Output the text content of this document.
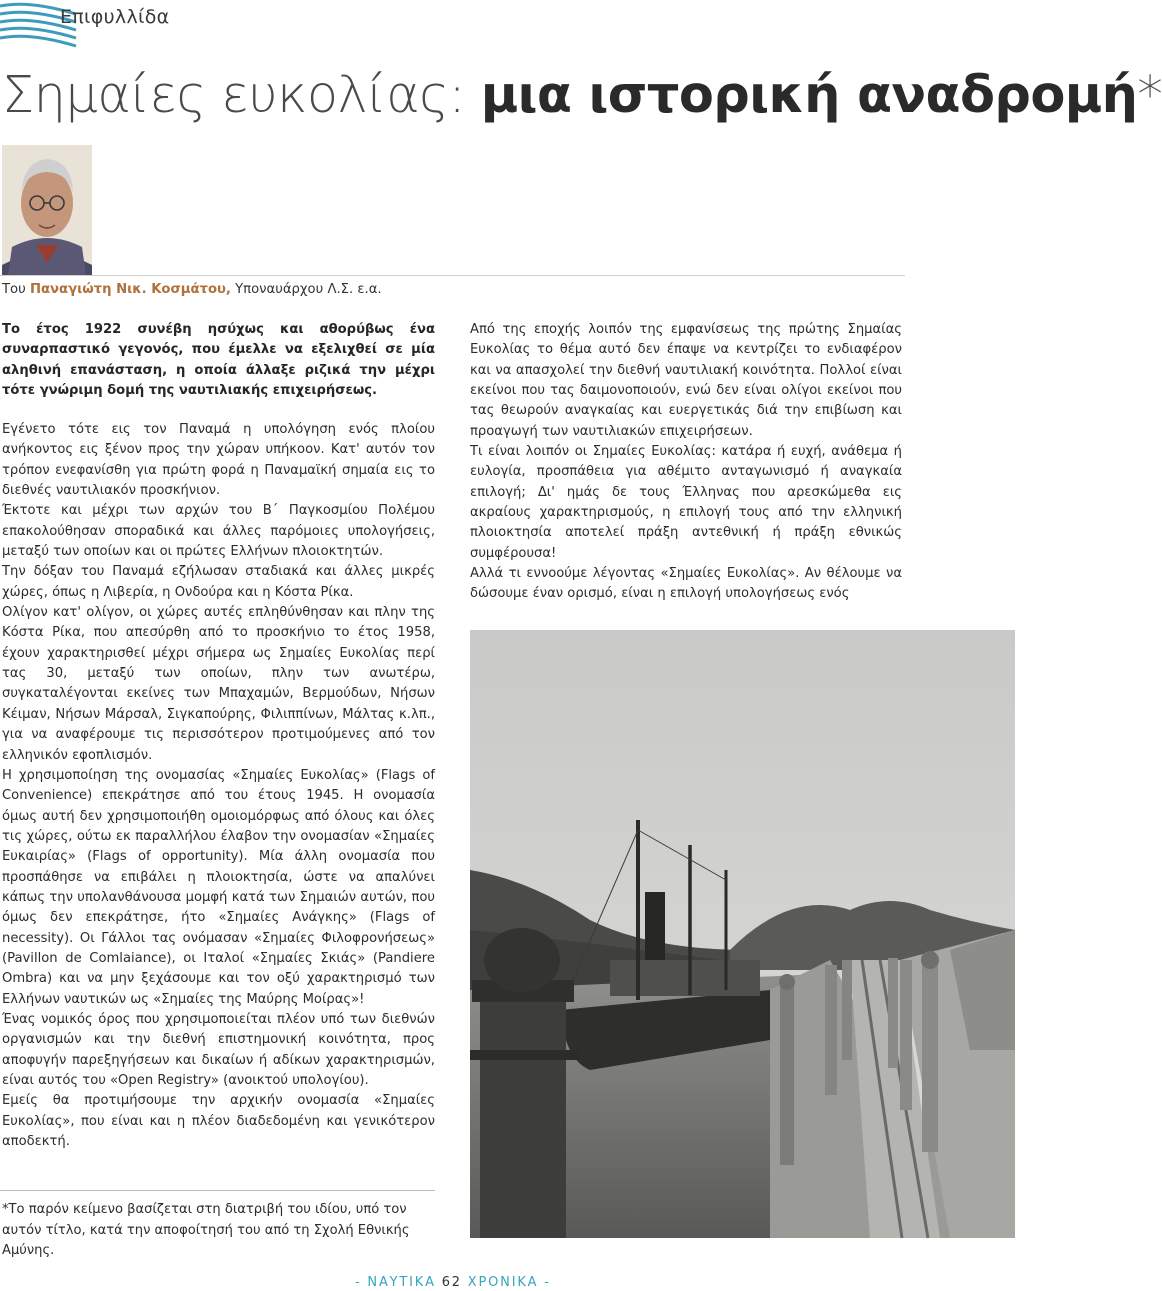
Επιφυλλίδα
Σημαίες ευκολίας: μια ιστορική αναδρομή*
Του Παναγιώτη Νικ. Κοσμάτου, Υποναυάρχου Λ.Σ. ε.α.

Το έτος 1922 συνέβη ησύχως και αθορύβως ένα συναρπαστικό γεγονός, που έμελλε να εξελιχθεί σε μία αληθινή επανάσταση, η οποία άλλαξε ριζικά την μέχρι τότε γνώριμη δομή της ναυτιλιακής επιχειρήσεως.

Εγένετο τότε εις τον Παναμά η υπολόγηση ενός πλοίου ανήκοντος εις ξένον προς την χώραν υπήκοον. Κατ' αυτόν τον τρόπον ενεφανίσθη για πρώτη φορά η Παναμαϊκή σημαία εις το διεθνές ναυτιλιακόν προσκήνιον.

Έκτοτε και μέχρι των αρχών του Β΄ Παγκοσμίου Πολέμου επακολούθησαν σποραδικά και άλλες παρόμοιες υπολογήσεις, μεταξύ των οποίων και οι πρώτες Ελλήνων πλοιοκτητών.

Την δόξαν του Παναμά εζήλωσαν σταδιακά και άλλες μικρές χώρες, όπως η Λιβερία, η Ονδούρα και η Κόστα Ρίκα.

Ολίγον κατ' ολίγον, οι χώρες αυτές επληθύνθησαν και πλην της Κόστα Ρίκα, που απεσύρθη από το προσκήνιο το έτος 1958, έχουν χαρακτηρισθεί μέχρι σήμερα ως Σημαίες Ευκολίας περί τας 30, μεταξύ των οποίων, πλην των ανωτέρω, συγκαταλέγονται εκείνες των Μπαχαμών, Βερμούδων, Νήσων Κέιμαν, Νήσων Μάρσαλ, Σιγκαπούρης, Φιλιππίνων, Μάλτας κ.λπ., για να αναφέρουμε τις περισσότερον προτιμούμενες από τον ελληνικόν εφοπλισμόν.

Η χρησιμοποίηση της ονομασίας «Σημαίες Ευκολίας» (Flags of Convenience) επεκράτησε από του έτους 1945. Η ονομασία όμως αυτή δεν χρησιμοποιήθη ομοιομόρφως από όλους και όλες τις χώρες, ούτω εκ παραλλήλου έλαβον την ονομασίαν «Σημαίες Ευκαιρίας» (Flags of opportunity). Μία άλλη ονομασία που προσπάθησε να επιβάλει η πλοιοκτησία, ώστε να απαλύνει κάπως την υπολανθάνουσα μομφή κατά των Σημαιών αυτών, που όμως δεν επεκράτησε, ήτο «Σημαίες Ανάγκης» (Flags of necessity). Οι Γάλλοι τας ονόμασαν «Σημαίες Φιλοφρονήσεως» (Pavillon de Comlaiance), οι Ιταλοί «Σημαίες Σκιάς» (Pandiere Ombra) και να μην ξεχάσουμε και τον οξύ χαρακτηρισμό των Ελλήνων ναυτικών ως «Σημαίες της Μαύρης Μοίρας»!

Ένας νομικός όρος που χρησιμοποιείται πλέον υπό των διεθνών οργανισμών και την διεθνή επιστημονική κοινότητα, προς αποφυγήν παρεξηγήσεων και δικαίων ή αδίκων χαρακτηρισμών, είναι αυτός του «Open Registry» (ανοικτού υπολογίου).

Εμείς θα προτιμήσουμε την αρχικήν ονομασία «Σημαίες Ευκολίας», που είναι και η πλέον διαδεδομένη και γενικότερον αποδεκτή.

Από της εποχής λοιπόν της εμφανίσεως της πρώτης Σημαίας Ευκολίας το θέμα αυτό δεν έπαψε να κεντρίζει το ενδιαφέρον και να απασχολεί την διεθνή ναυτιλιακή κοινότητα. Πολλοί είναι εκείνοι που τας δαιμονοποιούν, ενώ δεν είναι ολίγοι εκείνοι που τας θεωρούν αναγκαίας και ευεργετικάς διά την επιβίωση και προαγωγή των ναυτιλιακών επιχειρήσεων.

Τι είναι λοιπόν οι Σημαίες Ευκολίας: κατάρα ή ευχή, ανάθεμα ή ευλογία, προσπάθεια για αθέμιτο ανταγωνισμό ή αναγκαία επιλογή; Δι' ημάς δε τους Έλληνας που αρεσκώμεθα εις ακραίους χαρακτηρισμούς, η επιλογή τους από την ελληνική πλοιοκτησία αποτελεί πράξη αντεθνική ή πράξη εθνικώς συμφέρουσα!

Αλλά τι εννοούμε λέγοντας «Σημαίες Ευκολίας». Αν θέλουμε να δώσουμε έναν ορισμό, είναι η επιλογή υπολογήσεως ενός

*Το παρόν κείμενο βασίζεται στη διατριβή του ιδίου, υπό τον αυτόν τίτλο, κατά την αποφοίτησή του από τη Σχολή Εθνικής Αμύνης.

- ΝΑΥΤΙΚΑ 62 ΧΡΟΝΙΚΑ -
